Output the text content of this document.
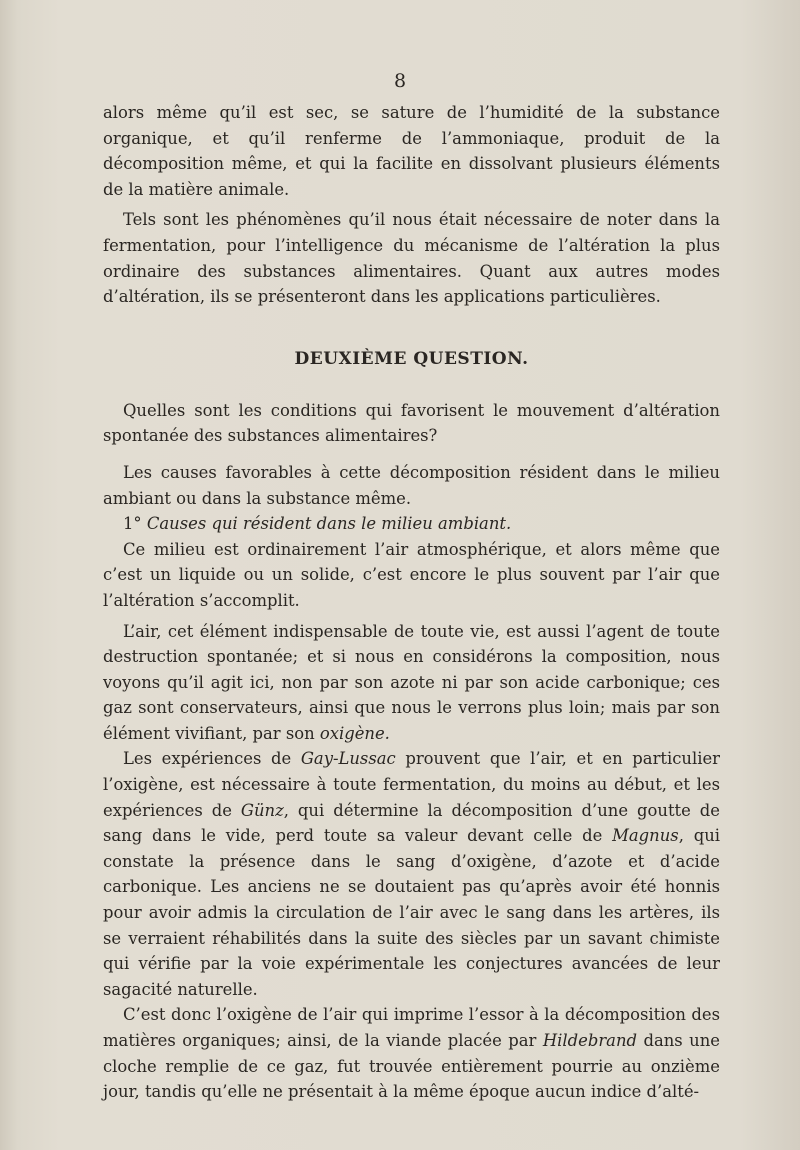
8

alors même qu’il est sec, se sature de l’humidité de la substance organique, et qu’il renferme de l’ammoniaque, produit de la décomposition même, et qui la facilite en dissolvant plusieurs éléments de la matière animale.

Tels sont les phénomènes qu’il nous était nécessaire de noter dans la fermentation, pour l’intelligence du mécanisme de l’altération la plus ordinaire des substances alimentaires. Quant aux autres modes d’altération, ils se présenteront dans les applications particulières.

DEUXIÈME QUESTION.

Quelles sont les conditions qui favorisent le mouvement d’altération spontanée des substances alimentaires?

Les causes favorables à cette décomposition résident dans le milieu ambiant ou dans la substance même.

1° Causes qui résident dans le milieu ambiant.

Ce milieu est ordinairement l’air atmosphérique, et alors même que c’est un liquide ou un solide, c’est encore le plus souvent par l’air que l’altération s’accomplit.

L’air, cet élément indispensable de toute vie, est aussi l’agent de toute destruction spontanée; et si nous en considérons la composition, nous voyons qu’il agit ici, non par son azote ni par son acide carbonique; ces gaz sont conservateurs, ainsi que nous le verrons plus loin; mais par son élément vivifiant, par son oxigène.

Les expériences de Gay-Lussac prouvent que l’air, et en particulier l’oxigène, est nécessaire à toute fermentation, du moins au début, et les expériences de Günz, qui détermine la décomposition d’une goutte de sang dans le vide, perd toute sa valeur devant celle de Magnus, qui constate la présence dans le sang d’oxigène, d’azote et d’acide carbonique. Les anciens ne se doutaient pas qu’après avoir été honnis pour avoir admis la circulation de l’air avec le sang dans les artères, ils se verraient réhabilités dans la suite des siècles par un savant chimiste qui vérifie par la voie expérimentale les conjectures avancées de leur sagacité naturelle.

C’est donc l’oxigène de l’air qui imprime l’essor à la décomposition des matières organiques; ainsi, de la viande placée par Hildebrand dans une cloche remplie de ce gaz, fut trouvée entièrement pourrie au onzième jour, tandis qu’elle ne présentait à la même époque aucun indice d’alté-
